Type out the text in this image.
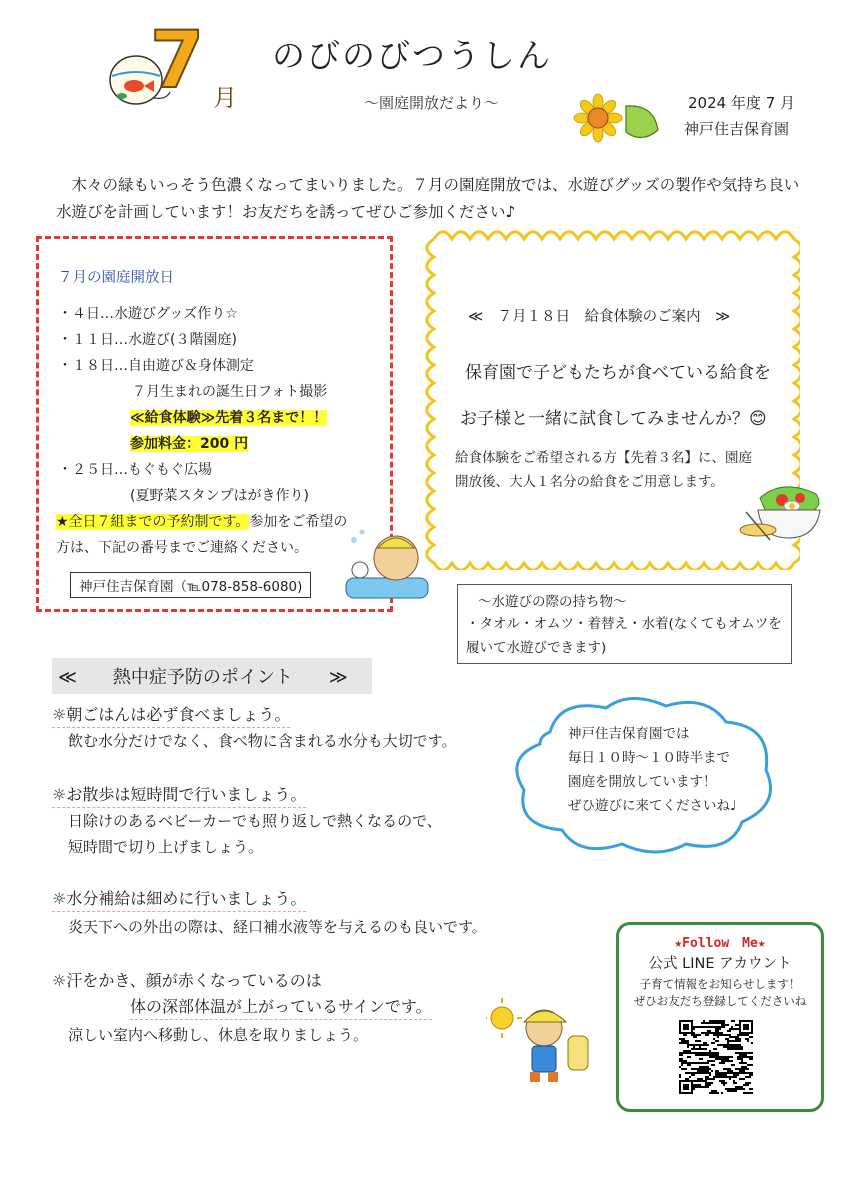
7 月
のびのびつうしん
～園庭開放だより～	2024 年度 7 月
神戸住吉保育園
木々の緑もいっそう色濃くなってまいりました。７月の園庭開放では、水遊びグッズの製作や気持ち良い水遊びを計画しています！お友だちを誘ってぜひご参加ください♪
７月の園庭開放日
・４日…水遊びグッズ作り☆
・１１日…水遊び(３階園庭)
・１８日…自由遊び＆身体測定
７月生まれの誕生日フォト撮影
≪給食体験≫先着３名まで！！
参加料金：200 円
・２５日…もぐもぐ広場
(夏野菜スタンプはがき作り)
★全日７組までの予約制です。参加をご希望の
方は、下記の番号までご連絡ください。
神戸住吉保育園（℡078-858-6080)
≪　７月１８日　給食体験のご案内　≫
保育園で子どもたちが食べている給食を
お子様と一緒に試食してみませんか？😊
給食体験をご希望される方【先着３名】に、園庭開放後、大人１名分の給食をご用意します。
～水遊びの際の持ち物～
・タオル・オムツ・着替え・水着(なくてもオムツを履いて水遊びできます)
≪　　熱中症予防のポイント　　≫
☼朝ごはんは必ず食べましょう。
飲む水分だけでなく、食べ物に含まれる水分も大切です。
☼お散歩は短時間で行いましょう。
日除けのあるベビーカーでも照り返しで熱くなるので、
短時間で切り上げましょう。
☼水分補給は細めに行いましょう。
炎天下への外出の際は、経口補水液等を与えるのも良いです。
☼汗をかき、顔が赤くなっているのは
体の深部体温が上がっているサインです。
涼しい室内へ移動し、休息を取りましょう。
神戸住吉保育園では
毎日１０時～１０時半まで
園庭を開放しています！
ぜひ遊びに来てくださいね♩
★Follow　Me★
公式 LINE アカウント
子育て情報をお知らせします！
ぜひお友だち登録してくださいね
